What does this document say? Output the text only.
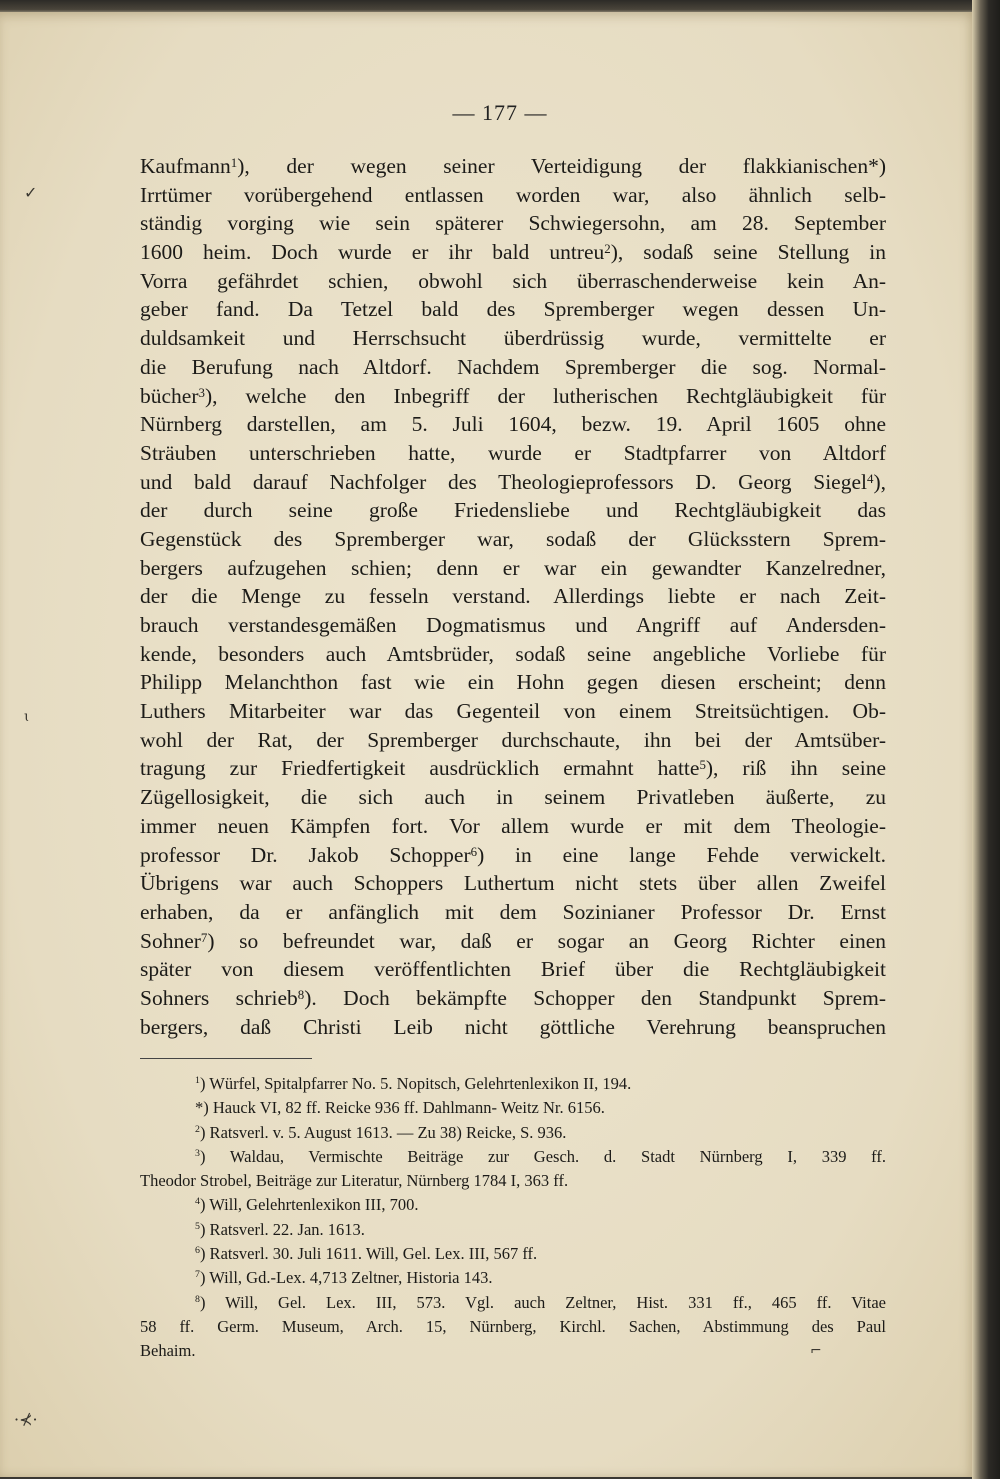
— 177 —
Kaufmann$^1$), der wegen seiner Verteidigung der flakkianischen*)
Irrtümer vorübergehend entlassen worden war, also ähnlich selb-
ständig vorging wie sein späterer Schwiegersohn, am 28. September
1600 heim. Doch wurde er ihr bald untreu$^2$), sodaß seine Stellung in
Vorra gefährdet schien, obwohl sich überraschenderweise kein An-
geber fand. Da Tetzel bald des Spremberger wegen dessen Un-
duldsamkeit und Herrschsucht überdrüssig wurde, vermittelte er
die Berufung nach Altdorf. Nachdem Spremberger die sog. Normal-
bücher$^3$), welche den Inbegriff der lutherischen Rechtgläubigkeit für
Nürnberg darstellen, am 5. Juli 1604, bezw. 19. April 1605 ohne
Sträuben unterschrieben hatte, wurde er Stadtpfarrer von Altdorf
und bald darauf Nachfolger des Theologieprofessors D. Georg Siegel$^4$),
der durch seine große Friedensliebe und Rechtgläubigkeit das
Gegenstück des Spremberger war, sodaß der Glücksstern Sprem-
bergers aufzugehen schien; denn er war ein gewandter Kanzelredner,
der die Menge zu fesseln verstand. Allerdings liebte er nach Zeit-
brauch verstandesgemäßen Dogmatismus und Angriff auf Andersden-
kende, besonders auch Amtsbrüder, sodaß seine angebliche Vorliebe für
Philipp Melanchthon fast wie ein Hohn gegen diesen erscheint; denn
Luthers Mitarbeiter war das Gegenteil von einem Streitsüchtigen. Ob-
wohl der Rat, der Spremberger durchschaute, ihn bei der Amtsüber-
tragung zur Friedfertigkeit ausdrücklich ermahnt hatte$^5$), riß ihn seine
Zügellosigkeit, die sich auch in seinem Privatleben äußerte, zu
immer neuen Kämpfen fort. Vor allem wurde er mit dem Theologie-
professor Dr. Jakob Schopper$^6$) in eine lange Fehde verwickelt.
Übrigens war auch Schoppers Luthertum nicht stets über allen Zweifel
erhaben, da er anfänglich mit dem Sozinianer Professor Dr. Ernst
Sohner$^7$) so befreundet war, daß er sogar an Georg Richter einen
später von diesem veröffentlichten Brief über die Rechtgläubigkeit
Sohners schrieb$^8$). Doch bekämpfte Schopper den Standpunkt Sprem-
bergers, daß Christi Leib nicht göttliche Verehrung beanspruchen
$^1$) Würfel, Spitalpfarrer No. 5. Nopitsch, Gelehrtenlexikon II, 194.
*) Hauck VI, 82 ff. Reicke 936 ff. Dahlmann- Weitz Nr. 6156.
$^2$) Ratsverl. v. 5. August 1613. — Zu 38) Reicke, S. 936.
$^3$) Waldau, Vermischte Beiträge zur Gesch. d. Stadt Nürnberg I, 339 ff.
Theodor Strobel, Beiträge zur Literatur, Nürnberg 1784 I, 363 ff.
$^4$) Will, Gelehrtenlexikon III, 700.
$^5$) Ratsverl. 22. Jan. 1613.
$^6$) Ratsverl. 30. Juli 1611. Will, Gel. Lex. III, 567 ff.
$^7$) Will, Gd.-Lex. 4,713 Zeltner, Historia 143.
$^8$) Will, Gel. Lex. III, 573. Vgl. auch Zeltner, Hist. 331 ff., 465 ff. Vitae
58 ff. Germ. Museum, Arch. 15, Nürnberg, Kirchl. Sachen, Abstimmung des Paul
Behaim.
✓
ɩ
·⊀·
⌐
